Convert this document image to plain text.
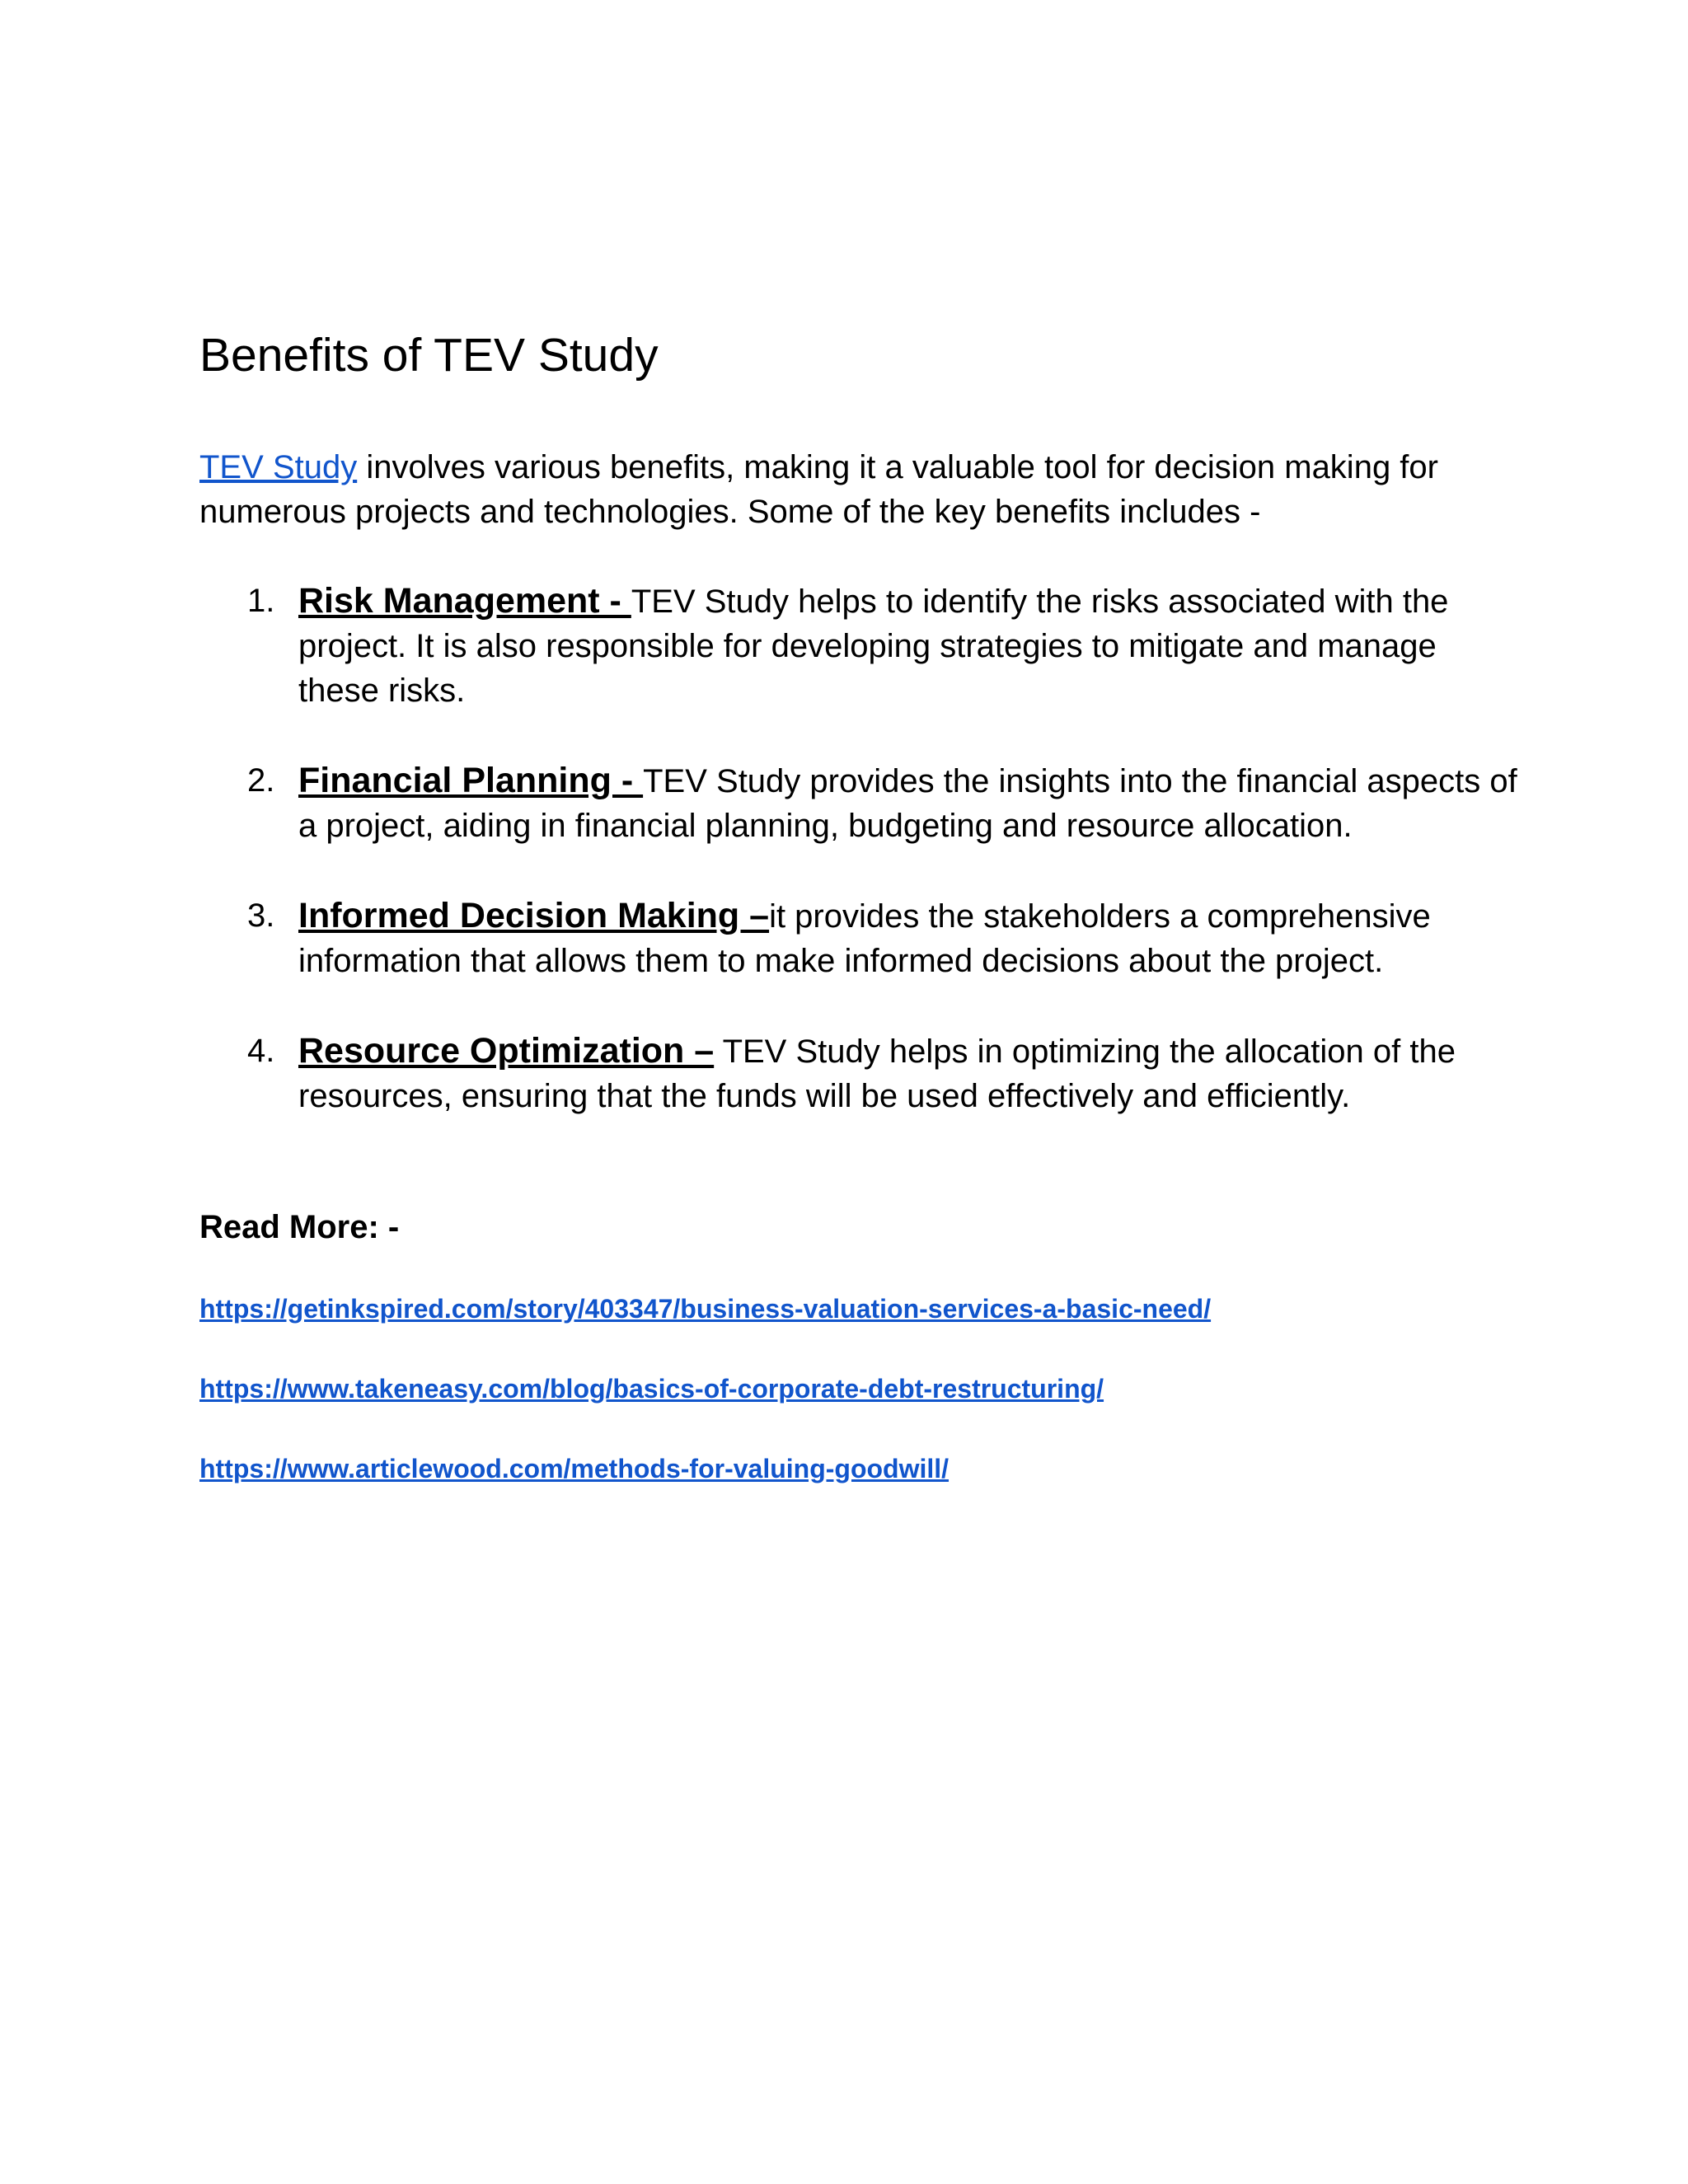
Benefits of TEV Study

TEV Study involves various benefits, making it a valuable tool for decision making for numerous projects and technologies. Some of the key benefits includes -

1. Risk Management - TEV Study helps to identify the risks associated with the project. It is also responsible for developing strategies to mitigate and manage these risks.
2. Financial Planning - TEV Study provides the insights into the financial aspects of a project, aiding in financial planning, budgeting and resource allocation.
3. Informed Decision Making –it provides the stakeholders a comprehensive information that allows them to make informed decisions about the project.
4. Resource Optimization – TEV Study helps in optimizing the allocation of the resources, ensuring that the funds will be used effectively and efficiently.

Read More: -

https://getinkspired.com/story/403347/business-valuation-services-a-basic-need/
https://www.takeneasy.com/blog/basics-of-corporate-debt-restructuring/
https://www.articlewood.com/methods-for-valuing-goodwill/
